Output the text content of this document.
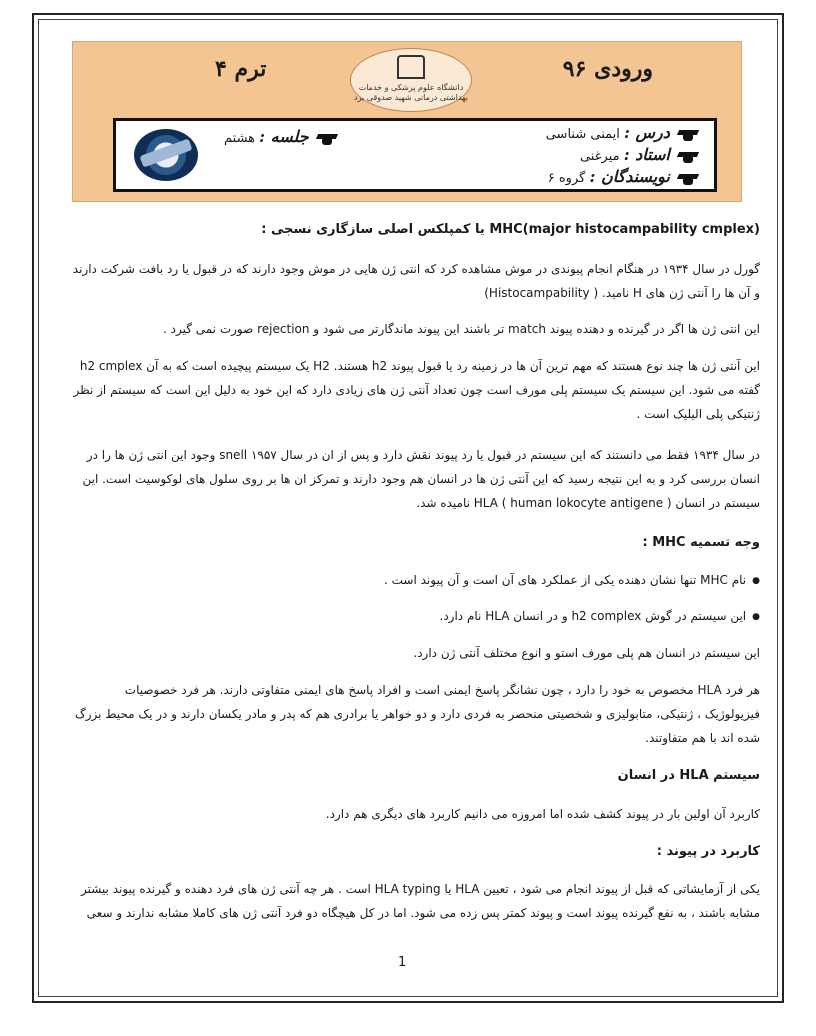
ترم ۴
دانشگاه علوم پزشکی و خدمات بهداشتی درمانی شهید صدوقی یزد
ورودی ۹۶
جلسه : هشتم	درس : ایمنی شناسی
استاد : میرغنی
نویسندگان : گروه ۶

MHC(major histocampability cmplex) یا کمپلکس اصلی سازگاری نسجی :

گورل در سال ۱۹۳۴ در هنگام انجام پیوندی در موش مشاهده کرد که انتی ژن هایی در موش وجود دارند که در قبول یا رد بافت شرکت دارند و آن ها را آنتی ژن های H نامید. ( Histocampability)

این انتی ژن ها اگر در گیرنده و دهنده پیوند match تر باشند این پیوند ماندگارتر می شود و rejection صورت نمی گیرد .

این آنتی ژن ها چند نوع هستند که مهم ترین آن ها در زمینه رد یا قبول پیوند h2 هستند. H2 یک سیستم پیچیده است که به آن h2 cmplex گفته می شود. این سیستم یک سیستم پلی مورف است چون تعداد آنتی ژن های زیادی دارد که این خود به دلیل این است که سیستم از نظر ژنتیکی پلی الیلیک است .

در سال ۱۹۳۴ فقط می دانستند که این سیستم در قبول یا رد پیوند نقش دارد و پس از ان در سال ۱۹۵۷ snell وجود این انتی ژن ها را در انسان بررسی کرد و به این نتیجه رسید که این آنتی ژن ها در انسان هم وجود دارند و تمرکز ان ها بر روی سلول های لوکوسیت است. این سیستم در انسان HLA ( human lokocyte antigene ) نامیده شد.

وجه تسمیه MHC :

● نام MHC تنها نشان دهنده یکی از عملکرد های آن است و آن پیوند است .

● این سیستم در گوش h2 complex و در انسان HLA نام دارد.

این سیستم در انسان هم پلی مورف استو و انوع مختلف آنتی ژن دارد.

هر فرد HLA مخصوص به خود را دارد ، چون نشانگر پاسخ ایمنی است و افراد پاسخ های ایمنی متفاوتی دارند. هر فرد خصوصیات فیزیولوژیک ، ژنتیکی، متابولیزی و شخصیتی منحصر به فردی دارد و دو خواهر یا برادری هم که پدر و مادر یکسان دارند و در یک محیط بزرگ شده اند با هم متفاوتند.

سیستم HLA در انسان

کاربرد آن اولین بار در پیوند کشف شده اما امروزه می دانیم کاربرد های دیگری هم دارد.

کاربرد در پیوند :

یکی از آزمایشاتی که قبل از پیوند انجام می شود ، تعیین HLA یا HLA typing است . هر چه آنتی ژن های فرد دهنده و گیرنده پیوند بیشتر مشابه باشند ، به نفع گیرنده پیوند است و پیوند کمتر پس زده می شود. اما در کل هیچگاه دو فرد آنتی ژن های کاملا مشابه ندارند و سعی

1
